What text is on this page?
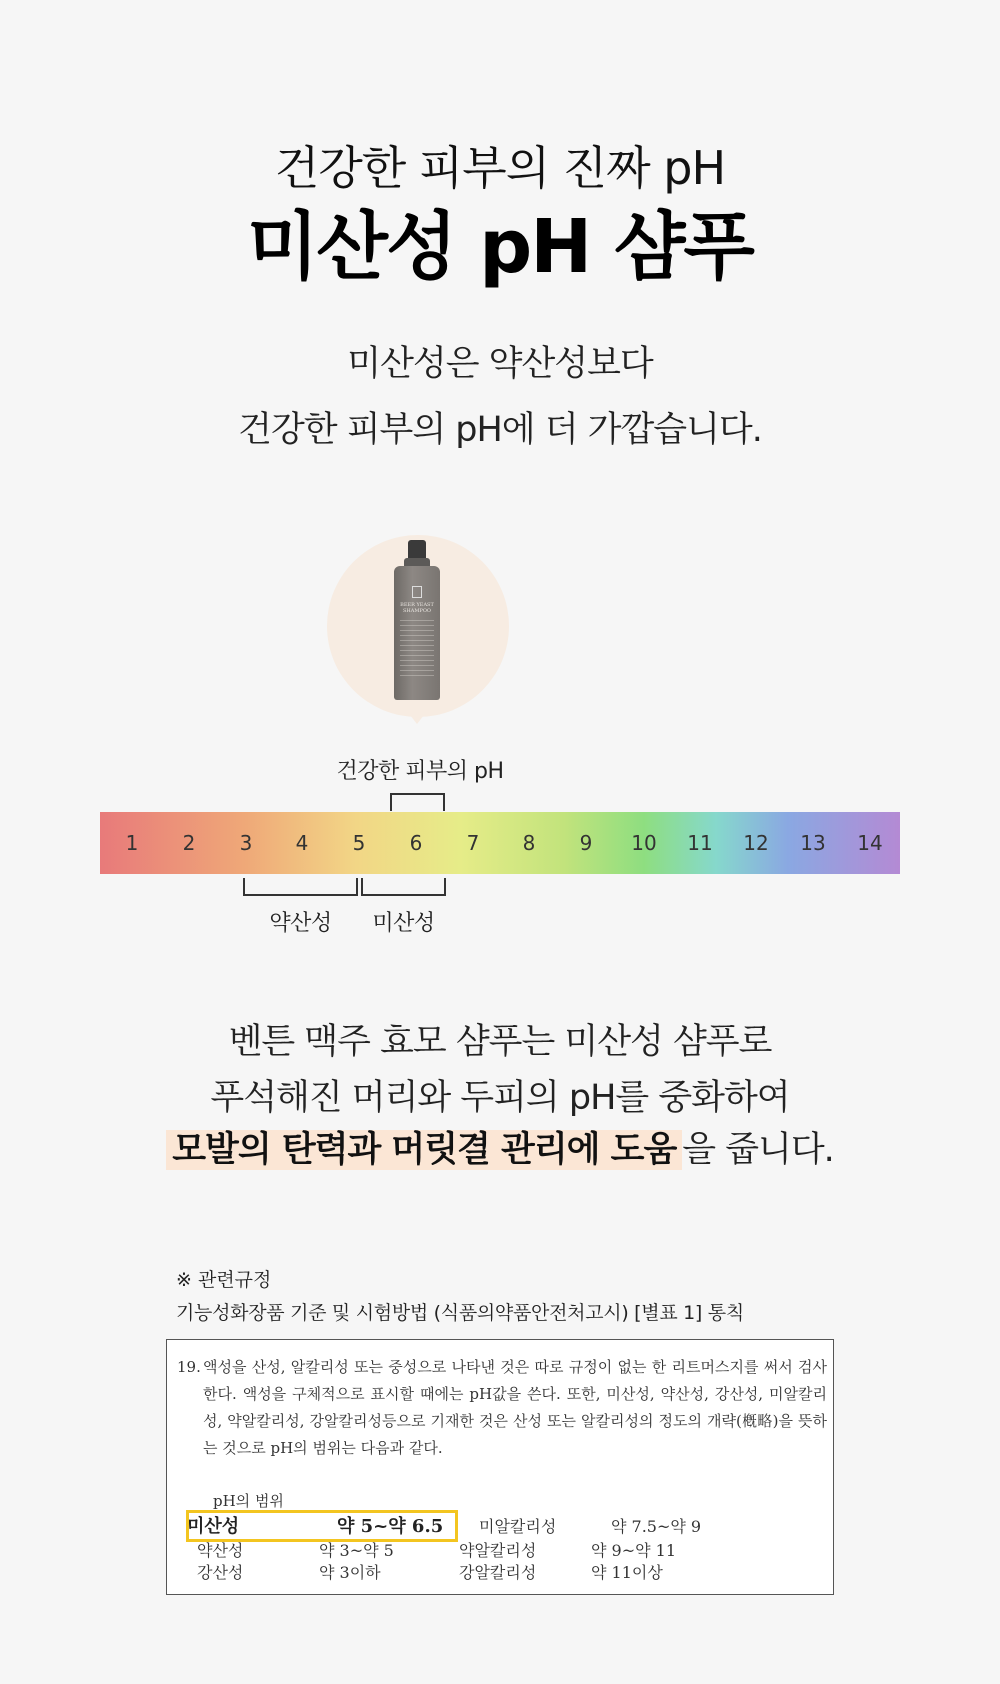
건강한 피부의 진짜 pH
미산성 pH 샴푸
미산성은 약산성보다
건강한 피부의 pH에 더 가깝습니다.
BEER YEAST SHAMPOO
건강한 피부의 pH
1	2	3	4	5	6	7	8	9	10	11	12	13	14
약산성	미산성
벤튼 맥주 효모 샴푸는 미산성 샴푸로
푸석해진 머리와 두피의 pH를 중화하여
모발의 탄력과 머릿결 관리에 도움 을 줍니다.
※ 관련규정
기능성화장품 기준 및 시험방법 (식품의약품안전처고시) [별표 1] 통칙
19. 액성을 산성, 알칼리성 또는 중성으로 나타낸 것은 따로 규정이 없는 한 리트머스지를 써서 검사한다. 액성을 구체적으로 표시할 때에는 pH값을 쓴다. 또한, 미산성, 약산성, 강산성, 미알칼리성, 약알칼리성, 강알칼리성등으로 기재한 것은 산성 또는 알칼리성의 정도의 개략(槪略)을 뜻하는 것으로 pH의 범위는 다음과 같다.
pH의 범위
미산성	약 5~약 6.5 미알칼리성	약 7.5~약 9
약산성	약 3~약 5	약알칼리성	약 9~약 11
강산성	약 3이하	강알칼리성	약 11이상
